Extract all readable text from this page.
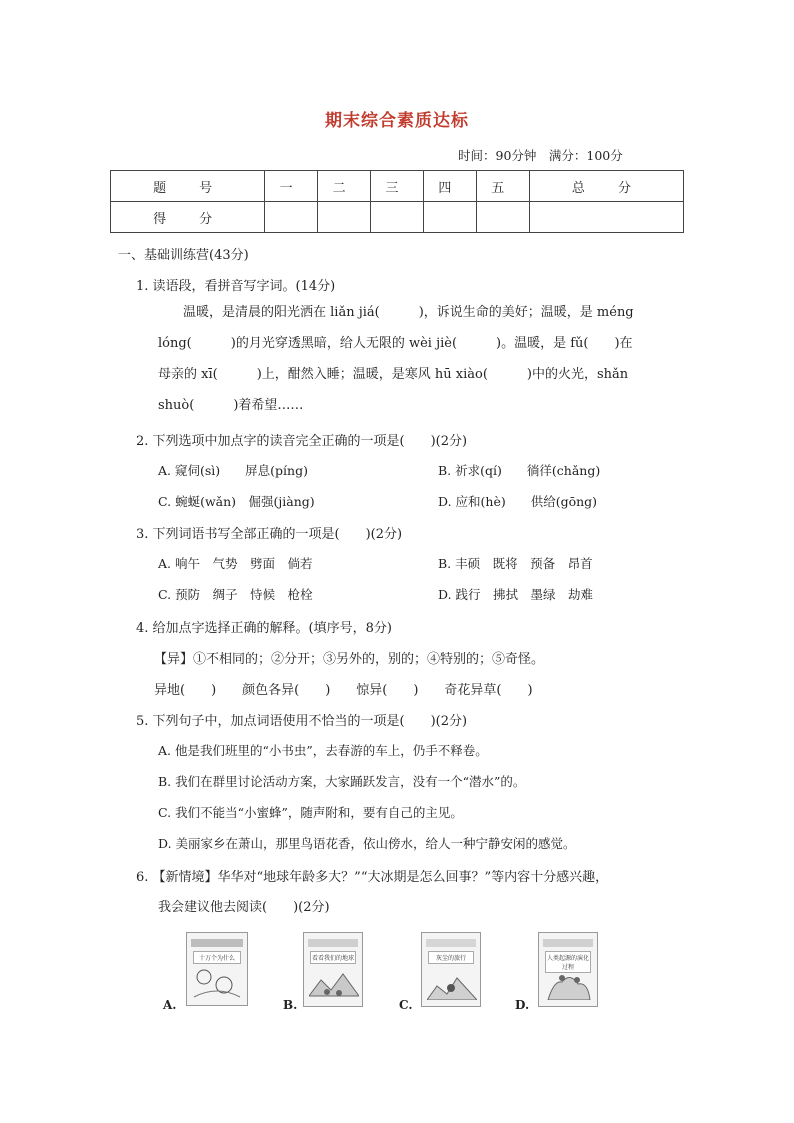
期末综合素质达标
时间：90分钟　满分：100分
题　号	一	二	三	四	五	总　分
得　分						
一、基础训练营(43分)
1. 读语段，看拼音写字词。(14分)
温暖，是清晨的阳光洒在 liǎn jiá(　　　)，诉说生命的美好；温暖，是 méng
lóng(　　　)的月光穿透黑暗，给人无限的 wèi jiè(　　　)。温暖，是 fǔ(　　)在
母亲的 xī(　　　)上，酣然入睡；温暖，是寒风 hū xiào(　　　)中的火光，shǎn
shuò(　　　)着希望……
2. 下列选项中加点字的读音完全正确的一项是(　　)(2分)
A. 窥伺(sì)　　屏息(píng)	B. 祈求(qí)　　徜徉(chǎng)
C. 蜿蜒(wǎn)　倔强(jiàng)	D. 应和(hè)　　供给(gōng)
3. 下列词语书写全部正确的一项是(　　)(2分)
A. 响午　气势　劈面　倘若	B. 丰硕　既将　预备　昂首
C. 预防　绸子　恃候　枪栓	D. 践行　拂拭　墨绿　劫难
4. 给加点字选择正确的解释。(填序号，8分)
【异】①不相同的；②分开；③另外的，别的；④特别的；⑤奇怪。
异地(　　)　　颜色各异(　　)　　惊异(　　)　　奇花异草(　　)
5. 下列句子中，加点词语使用不恰当的一项是(　　)(2分)
A. 他是我们班里的“小书虫”，去春游的车上，仍手不释卷。
B. 我们在群里讨论活动方案，大家踊跃发言，没有一个“潜水”的。
C. 我们不能当“小蜜蜂”，随声附和，要有自己的主见。
D. 美丽家乡在萧山，那里鸟语花香，依山傍水，给人一种宁静安闲的感觉。
6. 【新情境】华华对“地球年龄多大？”“大冰期是怎么回事？”等内容十分感兴趣，
我会建议他去阅读(　　)(2分)
A.
十万个为什么
B.
看看我们的地球
C.
灰尘的旅行
D.
人类起源的演化过程
